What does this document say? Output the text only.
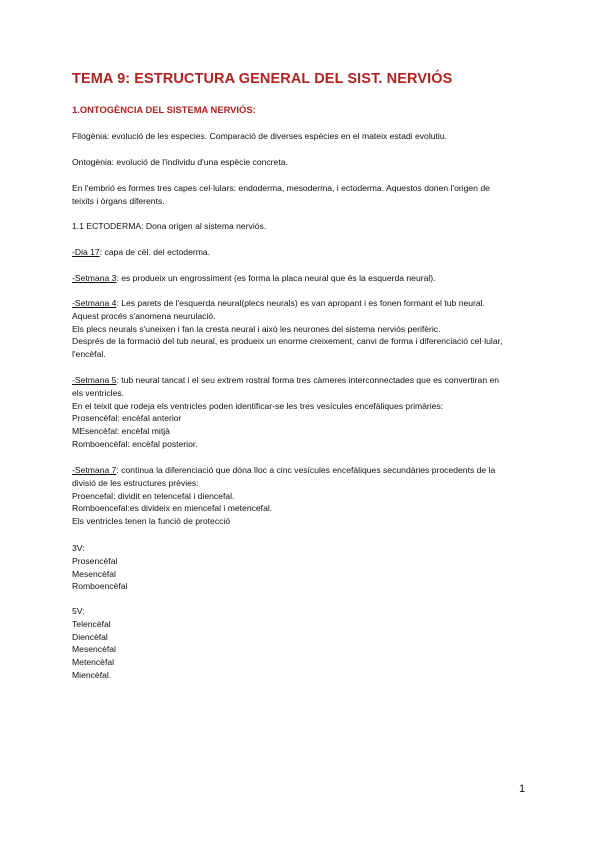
TEMA 9: ESTRUCTURA GENERAL DEL SIST. NERVIÓS
1.ONTOGÈNCIA DEL SISTEMA NERVIÓS:

Filogènia: evolució de les especies. Comparació de diverses espècies en el mateix estadi evolutiu.

Ontogènia: evolució de l'individu d'una espècie concreta.

En l'embrió es formes tres capes cel·lulars: endoderma, mesoderma, i ectoderma. Aquestos donen l'origen de

teixits i òrgans diferents.

1.1 ECTODERMA: Dona origen al sistema nerviós.

-Dia 17: capa de cèl. del ectoderma.

-Setmana 3: es produeix un engrossiment (es forma la placa neural que és la esquerda neural).

-Setmana 4: Les parets de l'esquerda neural(plecs neurals) es van apropant i es fonen formant el tub neural.

Aquest procés s'anomena neurulació.

Els plecs neurals s'uneixen i fan la cresta neural i això les neurones del sistema nerviós perifèric.

Després de la formació del tub neural, es produeix un enorme creixement, canvi de forma i diferenciació cel·lular,

l'encèfal.

-Setmana 5: tub neural tancat i el seu extrem rostral forma tres càmeres interconnectades que es convertiran en

els ventricles.

En el teixit que rodeja els ventricles poden identificar-se les tres vesícules encefàliques primàries:

Prosencèfal: encèfal anterior

MEsencèfal: encèfal mitjà

Romboencèfal: encèfal posterior.

-Setmana 7: continua la diferenciació que dóna lloc a cinc vesícules encefàliques secundàries procedents de la

divisió de les estructures prèvies:

Proencefal: dividit en telencefal i diencefal.

Romboencefal:es divideix en miencefal i metencefal.

Els ventricles tenen la funció de protecció

3V:

Prosencèfal

Mesencèfal

Romboencèfal

5V:

Telencèfal

Diencèfal

Mesencèfal

Metencèfal

Miencèfal.

1
